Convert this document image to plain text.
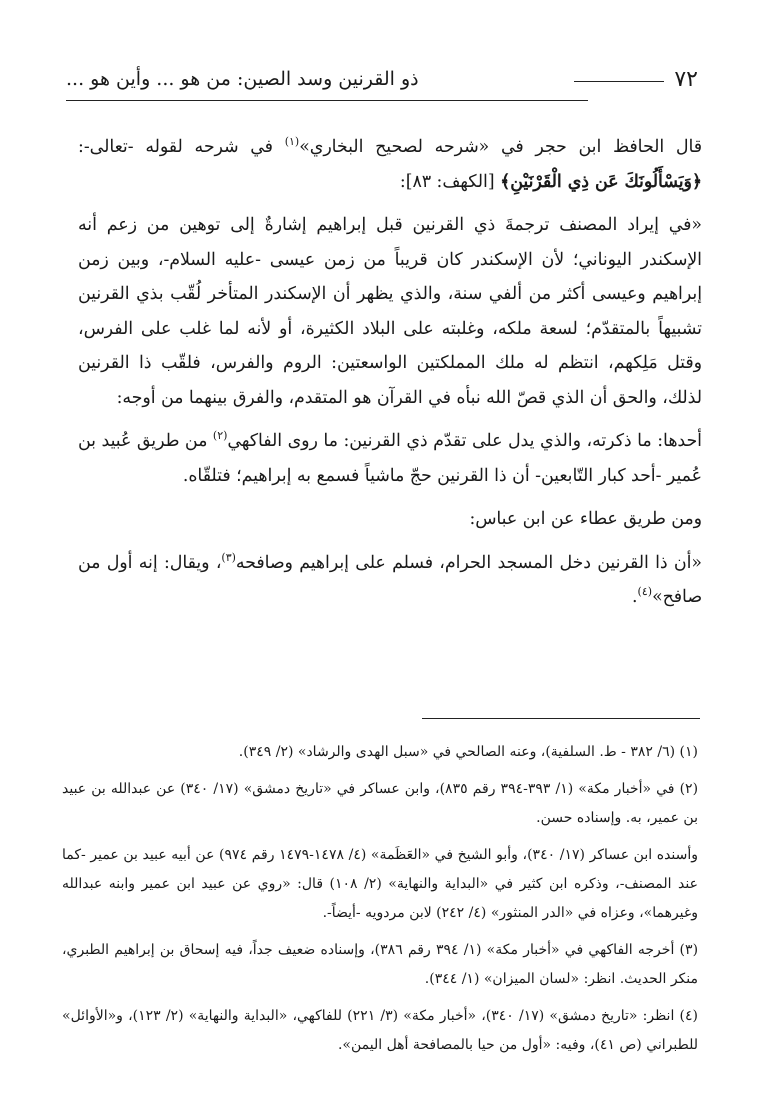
٧٢
ذو القرنين وسد الصين: من هو ... وأين هو ...

قال الحافظ ابن حجر في «شرحه لصحيح البخاري»$^{(١)}$ في شرحه لقوله -تعالى-: ﴿وَيَسْأَلُونَكَ عَن ذِي الْقَرْنَيْنِ﴾ [الكهف: ٨٣]:

«في إيراد المصنف ترجمةَ ذي القرنين قبل إبراهيم إشارةٌ إلى توهين من زعم أنه الإسكندر اليوناني؛ لأن الإسكندر كان قريباً من زمن عيسى -عليه السلام-، وبين زمن إبراهيم وعيسى أكثر من ألفي سنة، والذي يظهر أن الإسكندر المتأخر لُقّب بذي القرنين تشبيهاً بالمتقدّم؛ لسعة ملكه، وغلبته على البلاد الكثيرة، أو لأنه لما غلب على الفرس، وقتل مَلِكهم، انتظم له ملك المملكتين الواسعتين: الروم والفرس، فلقّب ذا القرنين لذلك، والحق أن الذي قصّ الله نبأه في القرآن هو المتقدم، والفرق بينهما من أوجه:

أحدها: ما ذكرته، والذي يدل على تقدّم ذي القرنين: ما روى الفاكهي$^{(٢)}$ من طريق عُبيد بن عُمير -أحد كبار التّابعين- أن ذا القرنين حجّ ماشياً فسمع به إبراهيم؛ فتلقّاه.

ومن طريق عطاء عن ابن عباس:

«أن ذا القرنين دخل المسجد الحرام، فسلم على إبراهيم وصافحه$^{(٣)}$، ويقال: إنه أول من صافح»$^{(٤)}$.

(١) (٦/ ٣٨٢ - ط. السلفية)، وعنه الصالحي في «سبل الهدى والرشاد» (٢/ ٣٤٩).

(٢) في «أخبار مكة» (١/ ٣٩٣-٣٩٤ رقم ٨٣٥)، وابن عساكر في «تاريخ دمشق» (١٧/ ٣٤٠) عن عبدالله بن عبيد بن عمير، به. وإسناده حسن.

وأسنده ابن عساكر (١٧/ ٣٤٠)، وأبو الشيخ في «العَظَمة» (٤/ ١٤٧٨-١٤٧٩ رقم ٩٧٤) عن أبيه عبيد بن عمير -كما عند المصنف-، وذكره ابن كثير في «البداية والنهاية» (٢/ ١٠٨) قال: «روي عن عبيد ابن عمير وابنه عبدالله وغيرهما»، وعزاه في «الدر المنثور» (٤/ ٢٤٢) لابن مردويه -أيضاً-.

(٣) أخرجه الفاكهي في «أخبار مكة» (١/ ٣٩٤ رقم ٣٨٦)، وإسناده ضعيف جداً، فيه إسحاق بن إبراهيم الطبري، منكر الحديث. انظر: «لسان الميزان» (١/ ٣٤٤).

(٤) انظر: «تاريخ دمشق» (١٧/ ٣٤٠)، «أخبار مكة» (٣/ ٢٢١) للفاكهي، «البداية والنهاية» (٢/ ١٢٣)، و«الأوائل» للطبراني (ص ٤١)، وفيه: «أول من حيا بالمصافحة أهل اليمن».
